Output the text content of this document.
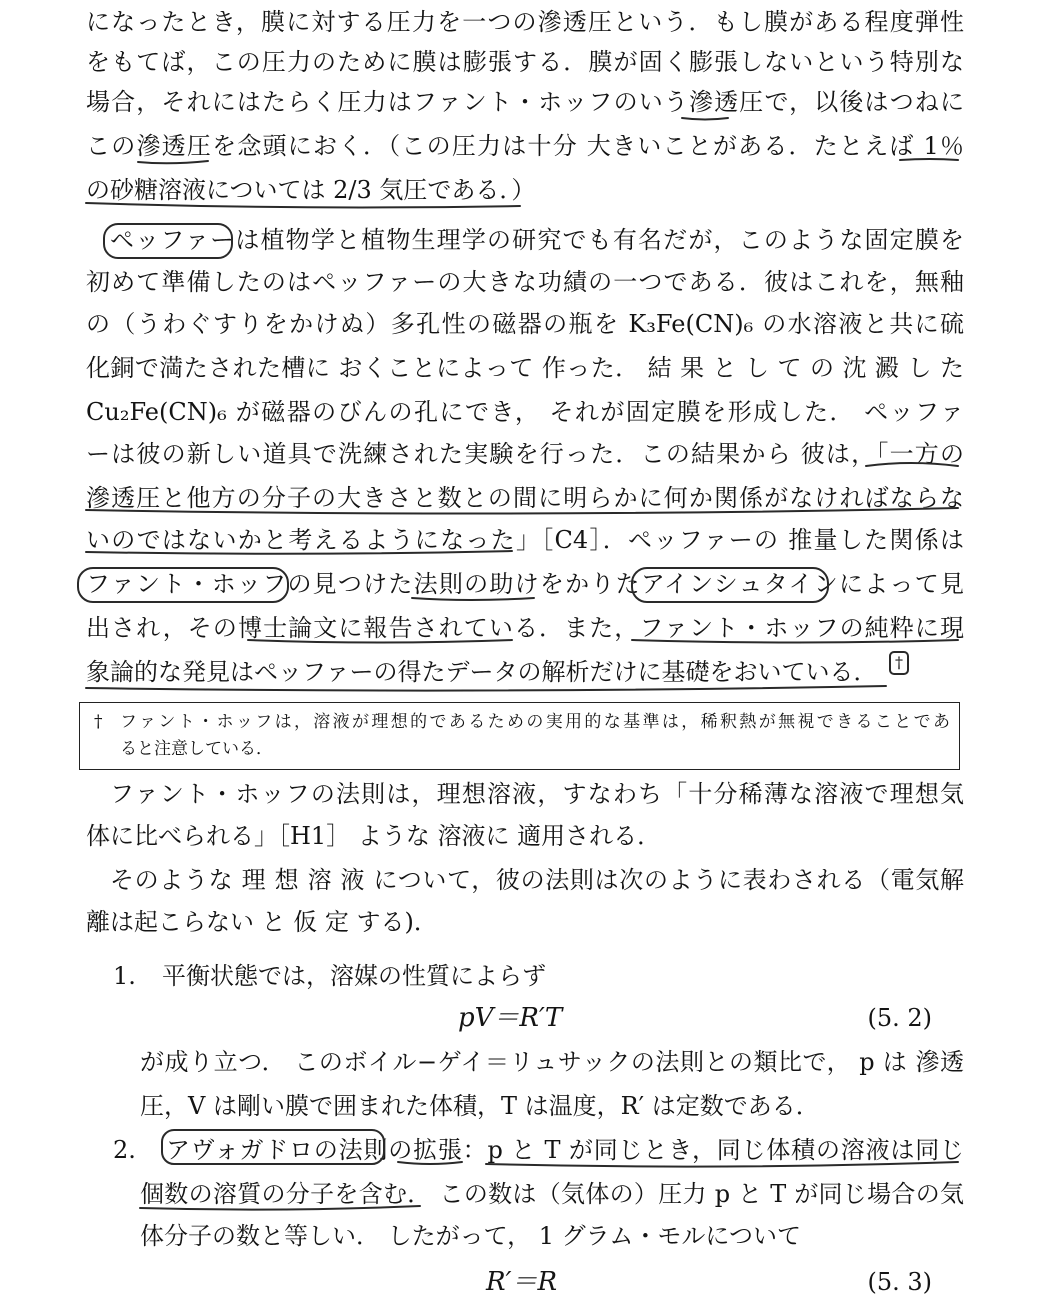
になったとき，膜に対する圧力を一つの滲透圧という．もし膜がある程度弾性
をもてば，この圧力のために膜は膨張する．膜が固く膨張しないという特別な
場合，それにはたらく圧力はファント・ホッフのいう滲透圧で，以後はつねに
この滲透圧を念頭におく．（この圧力は十分 大きいことがある．たとえば 1％
の砂糖溶液については 2/3 気圧である．）
ペッファーは植物学と植物生理学の研究でも有名だが，このような固定膜を
初めて準備したのはペッファーの大きな功績の一つである．彼はこれを，無釉
の（うわぐすりをかけぬ）多孔性の磁器の瓶を K₃Fe(CN)₆ の水溶液と共に硫
化銅で満たされた槽に おくことによって 作った． 結 果 と し て の 沈 澱 し た
Cu₂Fe(CN)₆ が磁器のびんの孔にでき， それが固定膜を形成した． ペッファ
ーは彼の新しい道具で洗練された実験を行った．この結果から 彼は，「一方の
滲透圧と他方の分子の大きさと数との間に明らかに何か関係がなければならな
いのではないかと考えるようになった」［C4］．ペッファーの 推量した関係は
ファント・ホッフの見つけた法則の助けをかりたアインシュタインによって見
出され，その博士論文に報告されている．また，ファント・ホッフの純粋に現
象論的な発見はペッファーの得たデータの解析だけに基礎をおいている．	†
† ファント・ホッフは，溶液が理想的であるための実用的な基準は，稀釈熱が無視できることであ
ると注意している．
ファント・ホッフの法則は，理想溶液，すなわち「十分稀薄な溶液で理想気
体に比べられる」［H1］ ような 溶液に 適用される．
そのような 理 想 溶 液 について，彼の法則は次のように表わされる（電気解
離は起こらない と 仮 定 する)．
1. 平衡状態では，溶媒の性質によらず
pV＝R′T	(5. 2)
が成り立つ． このボイル−ゲイ＝リュサックの法則との類比で， p は 滲透
圧，V は剛い膜で囲まれた体積，T は温度，R′ は定数である．
2. アヴォガドロの法則の拡張：p と T が同じとき，同じ体積の溶液は同じ
個数の溶質の分子を含む． この数は（気体の）圧力 p と T が同じ場合の気
体分子の数と等しい． したがって， 1 グラム・モルについて
R′＝R	(5. 3)
